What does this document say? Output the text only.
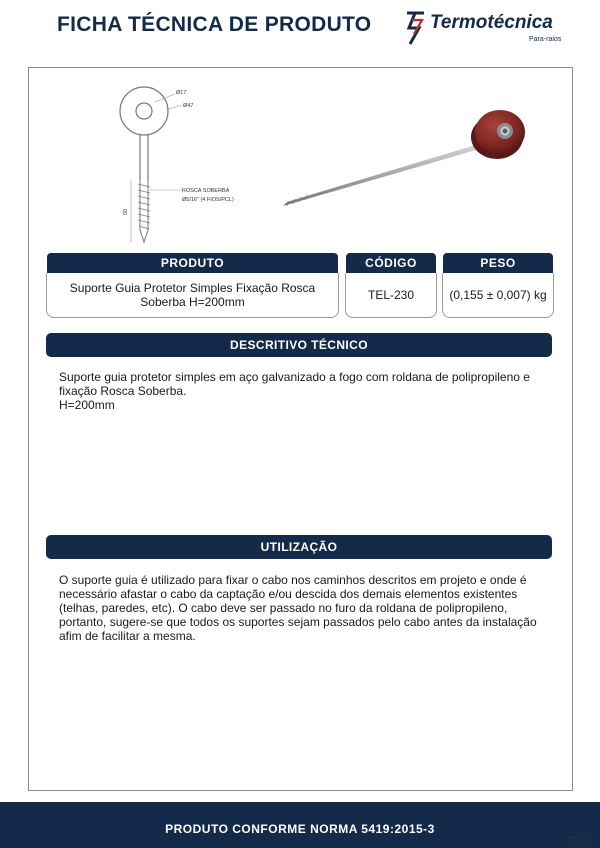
FICHA TÉCNICA DE PRODUTO	Termotécnica
Para-raios
Ø17
Ø47
ROSCA SOBERBA
Ø5/16" (4 FIOS/PCL)
50
PRODUTO	CÓDIGO	PESO
Suporte Guia Protetor Simples Fixação Rosca
Soberba H=200mm	TEL-230	(0,155 ± 0,007) kg
DESCRITIVO TÉCNICO
Suporte guia protetor simples em aço galvanizado a fogo com roldana de polipropileno e
fixação Rosca Soberba.
H=200mm
UTILIZAÇÃO
O suporte guia é utilizado para fixar o cabo nos caminhos descritos em projeto e onde é
necessário afastar o cabo da captação e/ou descida dos demais elementos existentes
(telhas, paredes, etc). O cabo deve ser passado no furo da roldana de polipropileno,
portanto, sugere-se que todos os suportes sejam passados pelo cabo antes da instalação
afim de facilitar a mesma.
PRODUTO CONFORME NORMA 5419:2015-3
REV 1
